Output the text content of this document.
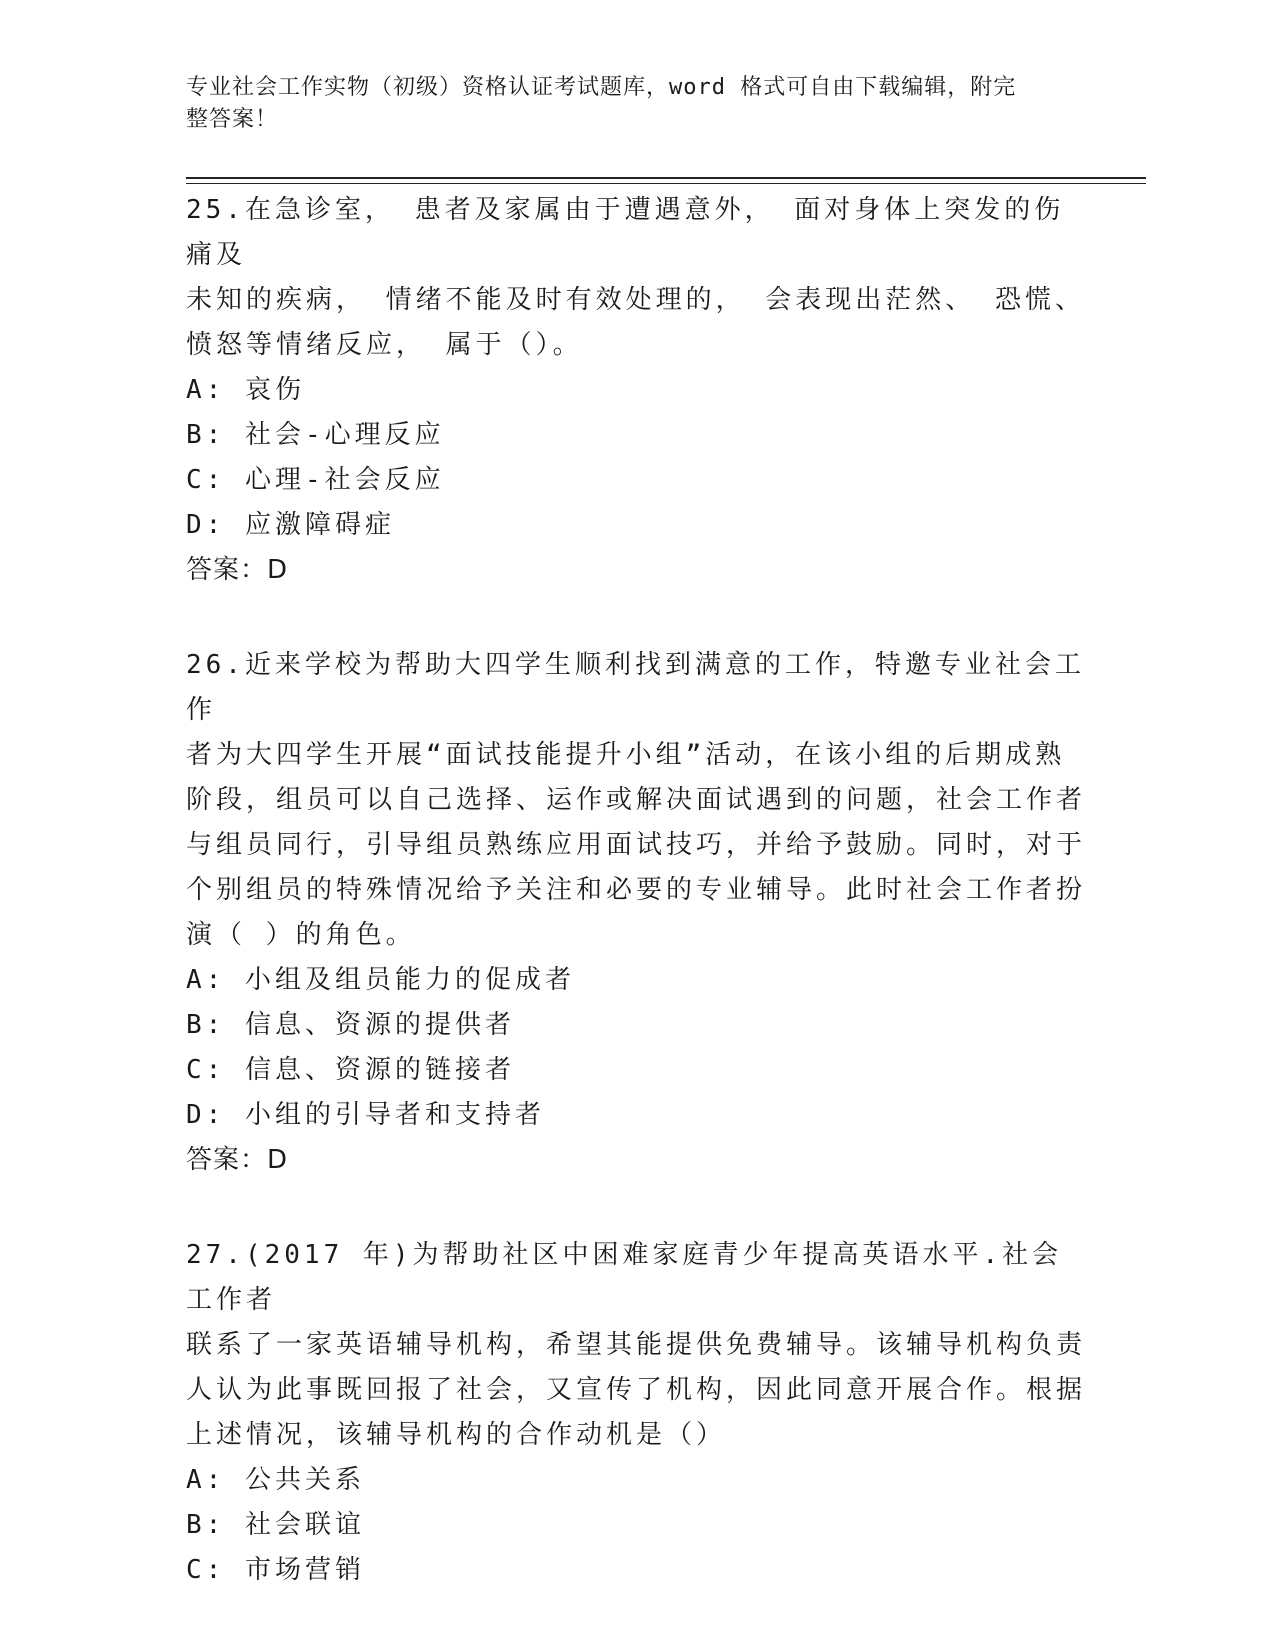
专业社会工作实物（初级）资格认证考试题库，word 格式可自由下载编辑，附完
整答案！

25.在急诊室， 患者及家属由于遭遇意外， 面对身体上突发的伤痛及

未知的疾病， 情绪不能及时有效处理的， 会表现出茫然、 恐慌、

愤怒等情绪反应， 属于（）。

A: 哀伤

B: 社会-心理反应

C: 心理-社会反应

D: 应激障碍症

答案：D

26.近来学校为帮助大四学生顺利找到满意的工作，特邀专业社会工作

者为大四学生开展“面试技能提升小组”活动，在该小组的后期成熟

阶段，组员可以自己选择、运作或解决面试遇到的问题，社会工作者

与组员同行，引导组员熟练应用面试技巧，并给予鼓励。同时，对于

个别组员的特殊情况给予关注和必要的专业辅导。此时社会工作者扮

演（ ）的角色。

A: 小组及组员能力的促成者

B: 信息、资源的提供者

C: 信息、资源的链接者

D: 小组的引导者和支持者

答案：D

27.(2017 年)为帮助社区中困难家庭青少年提高英语水平.社会工作者

联系了一家英语辅导机构，希望其能提供免费辅导。该辅导机构负责

人认为此事既回报了社会，又宣传了机构，因此同意开展合作。根据

上述情况，该辅导机构的合作动机是（）

A: 公共关系

B: 社会联谊

C: 市场营销
